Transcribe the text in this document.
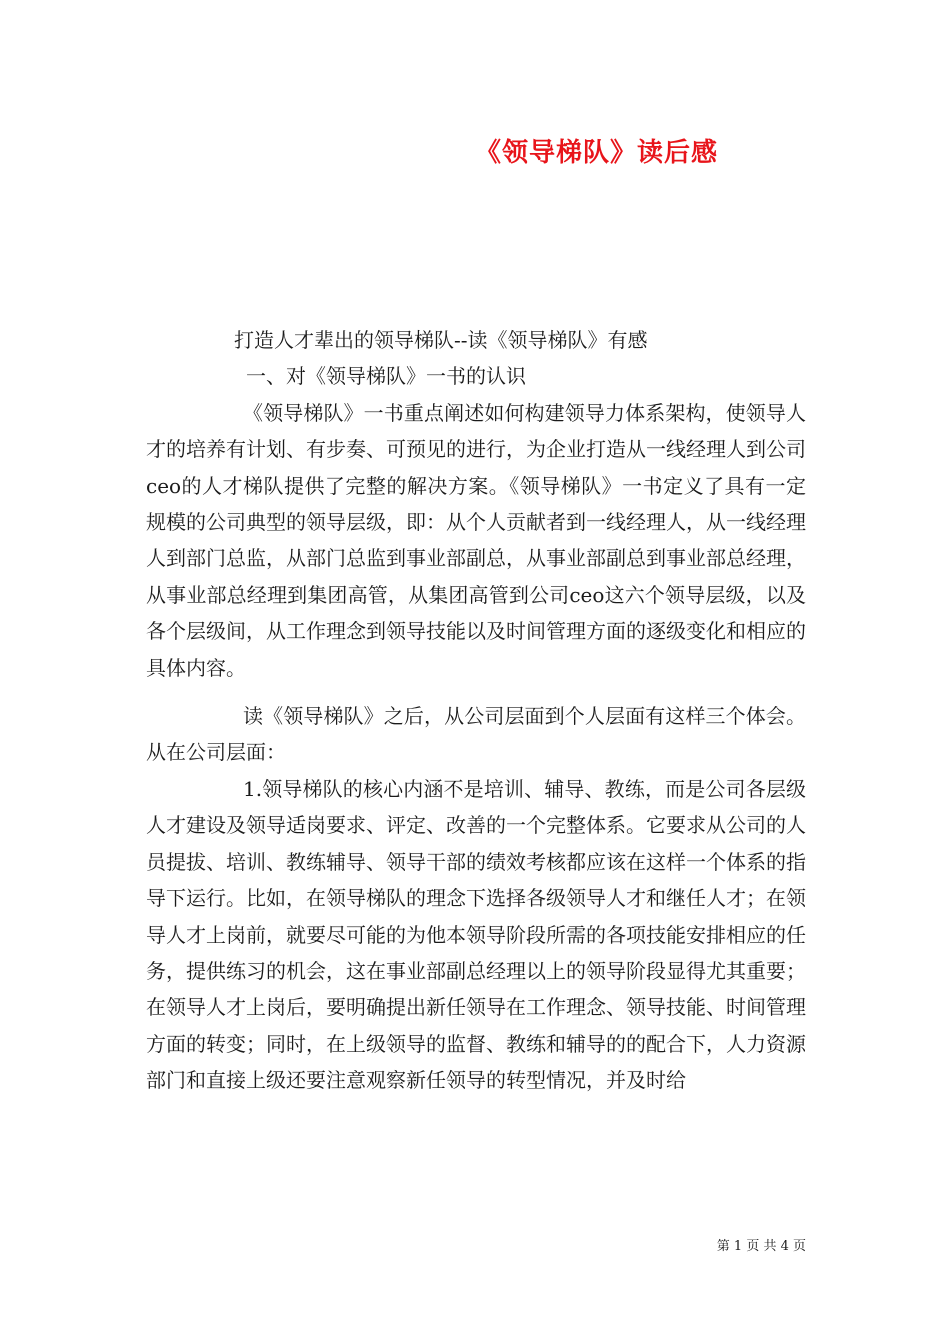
《领导梯队》读后感

打造人才辈出的领导梯队--读《领导梯队》有感

一、对《领导梯队》一书的认识

《领导梯队》一书重点阐述如何构建领导力体系架构，使领导人才的培养有计划、有步奏、可预见的进行，为企业打造从一线经理人到公司ceo的人才梯队提供了完整的解决方案。《领导梯队》一书定义了具有一定规模的公司典型的领导层级，即：从个人贡献者到一线经理人，从一线经理人到部门总监，从部门总监到事业部副总，从事业部副总到事业部总经理，从事业部总经理到集团高管，从集团高管到公司ceo这六个领导层级，以及各个层级间，从工作理念到领导技能以及时间管理方面的逐级变化和相应的具体内容。

读《领导梯队》之后，从公司层面到个人层面有这样三个体会。从在公司层面：

1.领导梯队的核心内涵不是培训、辅导、教练，而是公司各层级人才建设及领导适岗要求、评定、改善的一个完整体系。它要求从公司的人员提拔、培训、教练辅导、领导干部的绩效考核都应该在这样一个体系的指导下运行。比如，在领导梯队的理念下选择各级领导人才和继任人才；在领导人才上岗前，就要尽可能的为他本领导阶段所需的各项技能安排相应的任务，提供练习的机会，这在事业部副总经理以上的领导阶段显得尤其重要；在领导人才上岗后，要明确提出新任领导在工作理念、领导技能、时间管理方面的转变；同时，在上级领导的监督、教练和辅导的的配合下，人力资源部门和直接上级还要注意观察新任领导的转型情况，并及时给

第 1 页 共 4 页
